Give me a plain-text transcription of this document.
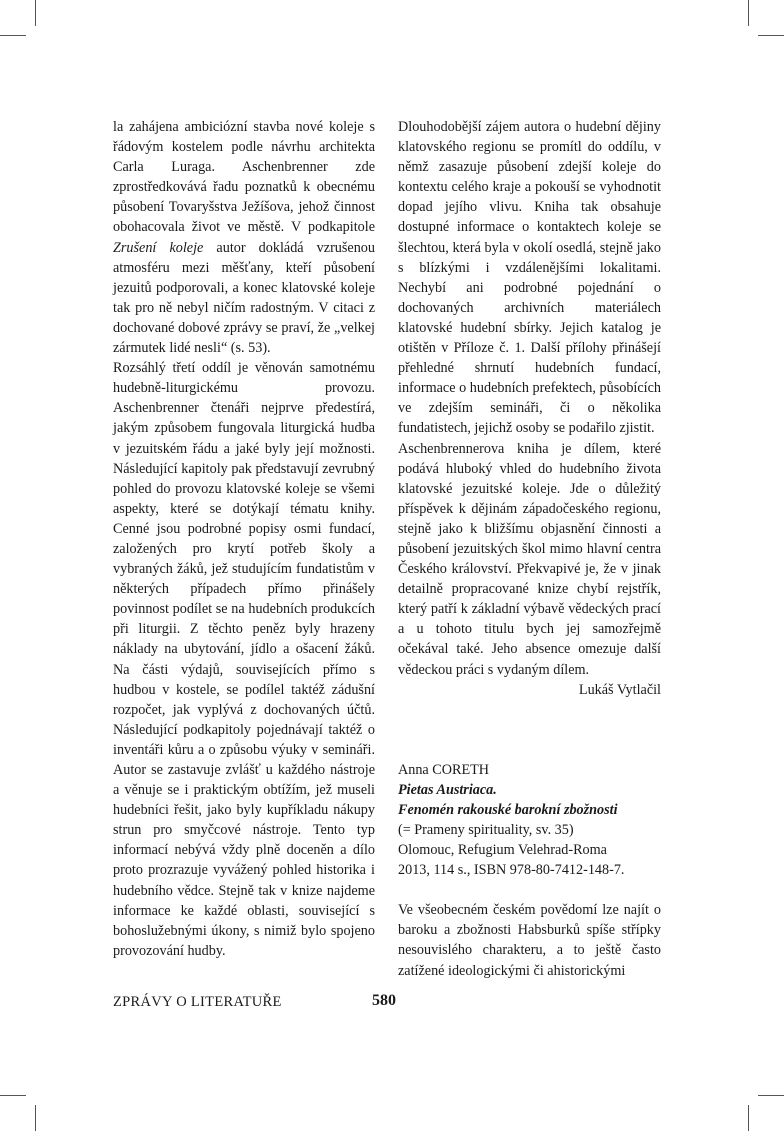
la zahájena ambiciózní stavba nové koleje s řádovým kostelem podle návrhu architekta Carla Luraga. Aschenbrenner zde zprostředkovává řadu poznatků k obecnému působení Tovaryšstva Ježíšova, jehož činnost obohacovala život ve městě. V podkapitole Zrušení koleje autor dokládá vzrušenou atmosféru mezi měšťany, kteří působení jezuitů podporovali, a konec klatovské koleje tak pro ně nebyl ničím radostným. V citaci z dochované dobové zprávy se praví, že „velkej zármutek lidé nesli“ (s. 53).

Rozsáhlý třetí oddíl je věnován samotnému hudebně-liturgickému provozu. Aschenbrenner čtenáři nejprve předestírá, jakým způsobem fungovala liturgická hudba v jezuitském řádu a jaké byly její možnosti. Následující kapitoly pak představují zevrubný pohled do provozu klatovské koleje se všemi aspekty, které se dotýkají tématu knihy. Cenné jsou podrobné popisy osmi fundací, založených pro krytí potřeb školy a vybraných žáků, jež studujícím fundatistům v některých případech přímo přinášely povinnost podílet se na hudebních produkcích při liturgii. Z těchto peněz byly hrazeny náklady na ubytování, jídlo a ošacení žáků. Na části výdajů, souvisejících přímo s hudbou v kostele, se podílel taktéž zádušní rozpočet, jak vyplývá z dochovaných účtů. Následující podkapitoly pojednávají taktéž o inventáři kůru a o způsobu výuky v semináři. Autor se zastavuje zvlášť u každého nástroje a věnuje se i praktickým obtížím, jež museli hudebníci řešit, jako byly kupříkladu nákupy strun pro smyčcové nástroje. Tento typ informací nebývá vždy plně doceněn a dílo proto prozrazuje vyvážený pohled historika i hudebního vědce. Stejně tak v knize najdeme informace ke každé oblasti, související s bohoslužebnými úkony, s nimiž bylo spojeno provozování hudby.

Dlouhodobější zájem autora o hudební dějiny klatovského regionu se promítl do oddílu, v němž zasazuje působení zdejší koleje do kontextu celého kraje a pokouší se vyhodnotit dopad jejího vlivu. Kniha tak obsahuje dostupné informace o kontaktech koleje se šlechtou, která byla v okolí osedlá, stejně jako s blízkými i vzdálenějšími lokalitami. Nechybí ani podrobné pojednání o dochovaných archivních materiálech klatovské hudební sbírky. Jejich katalog je otištěn v Příloze č. 1. Další přílohy přinášejí přehledné shrnutí hudebních fundací, informace o hudebních prefektech, působících ve zdejším semináři, či o několika fundatistech, jejichž osoby se podařilo zjistit.

Aschenbrennerova kniha je dílem, které podává hluboký vhled do hudebního života klatovské jezuitské koleje. Jde o důležitý příspěvek k dějinám západočeského regionu, stejně jako k bližšímu objasnění činnosti a působení jezuitských škol mimo hlavní centra Českého království. Překvapivé je, že v jinak detailně propracované knize chybí rejstřík, který patří k základní výbavě vědeckých prací a u tohoto titulu bych jej samozřejmě očekával také. Jeho absence omezuje další vědeckou práci s vydaným dílem.

Lukáš Vytlačil

Anna CORETH

Pietas Austriaca.

Fenomén rakouské barokní zbožnosti

(= Prameny spirituality, sv. 35)

Olomouc, Refugium Velehrad-Roma

2013, 114 s., ISBN 978-80-7412-148-7.

Ve všeobecném českém povědomí lze najít o baroku a zbožnosti Habsburků spíše střípky nesouvislého charakteru, a to ještě často zatížené ideologickými či ahistorickými

ZPRÁVY O LITERATUŘE	580
